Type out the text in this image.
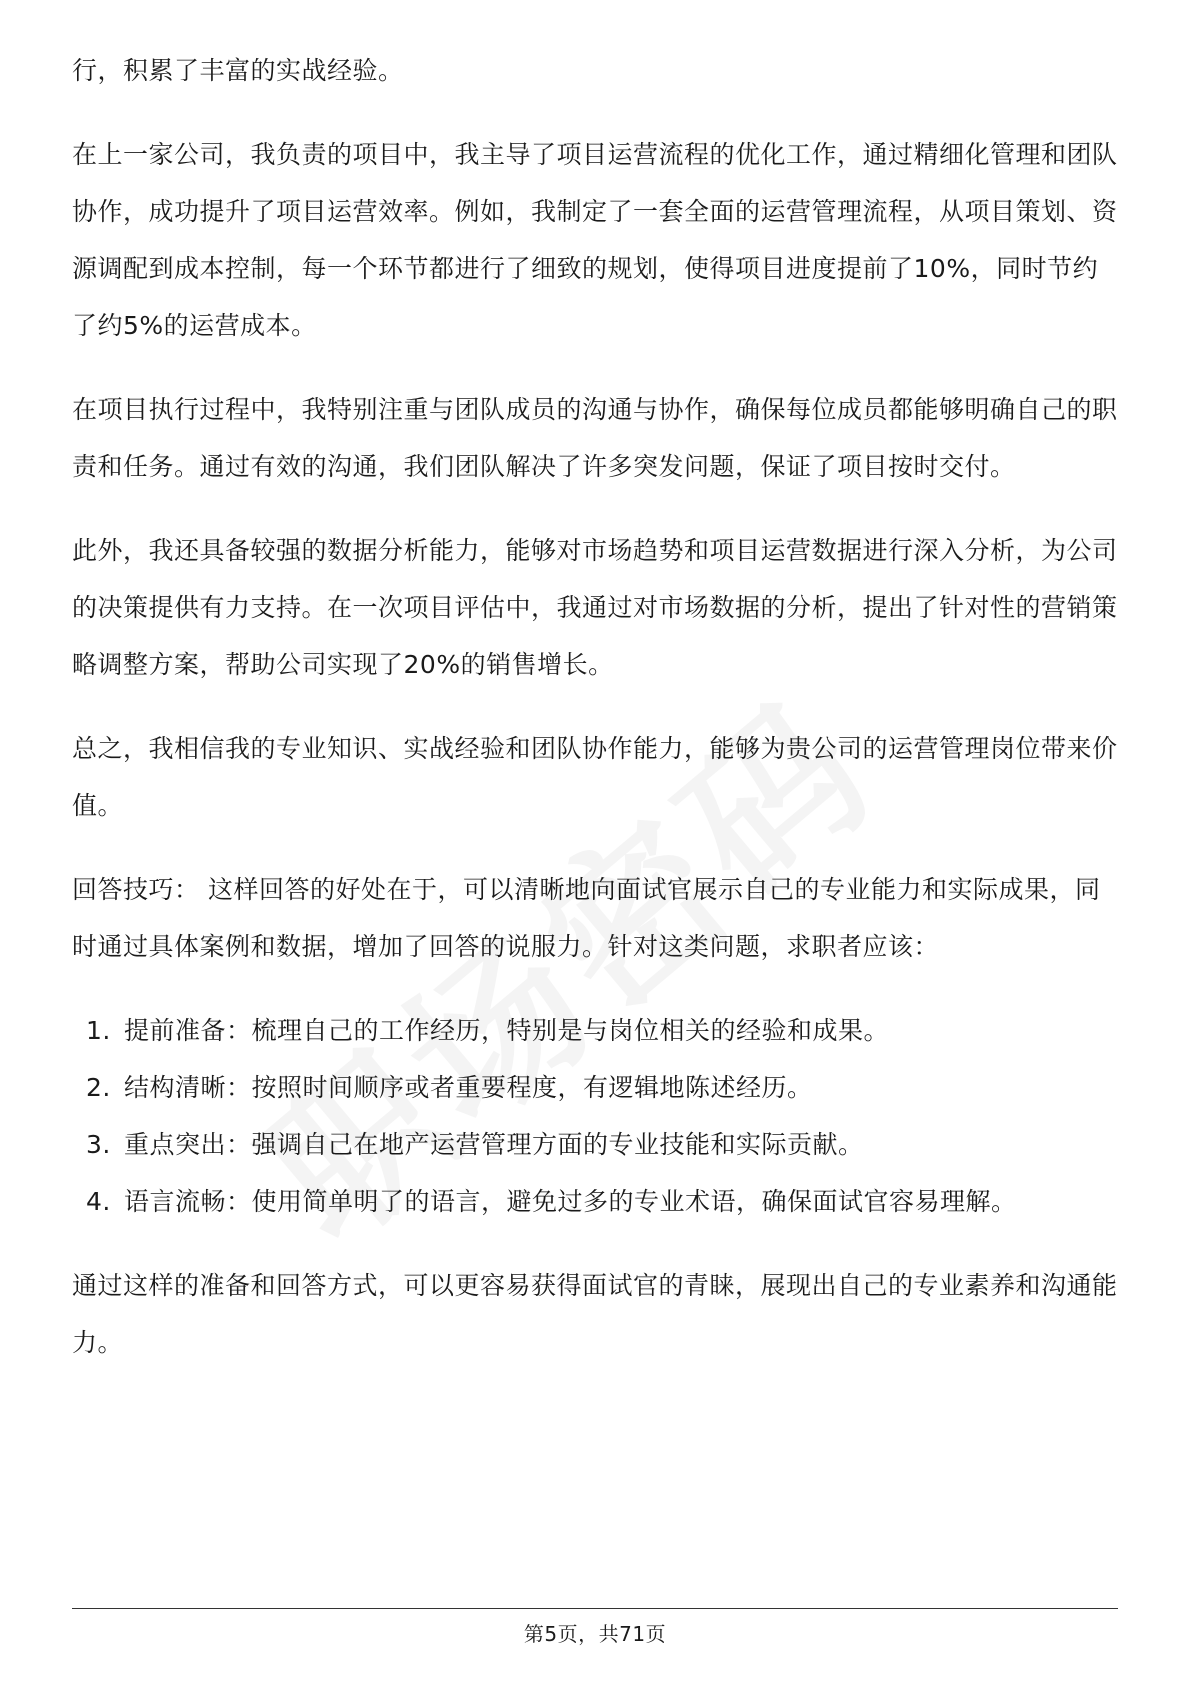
行，积累了丰富的实战经验。

在上一家公司，我负责的项目中，我主导了项目运营流程的优化工作，通过精细化管理和团队协作，成功提升了项目运营效率。例如，我制定了一套全面的运营管理流程，从项目策划、资源调配到成本控制，每一个环节都进行了细致的规划，使得项目进度提前了10%，同时节约了约5%的运营成本。

在项目执行过程中，我特别注重与团队成员的沟通与协作，确保每位成员都能够明确自己的职责和任务。通过有效的沟通，我们团队解决了许多突发问题，保证了项目按时交付。

此外，我还具备较强的数据分析能力，能够对市场趋势和项目运营数据进行深入分析，为公司的决策提供有力支持。在一次项目评估中，我通过对市场数据的分析，提出了针对性的营销策略调整方案，帮助公司实现了20%的销售增长。

总之，我相信我的专业知识、实战经验和团队协作能力，能够为贵公司的运营管理岗位带来价值。

回答技巧： 这样回答的好处在于，可以清晰地向面试官展示自己的专业能力和实际成果，同时通过具体案例和数据，增加了回答的说服力。针对这类问题，求职者应该：

1. 提前准备：梳理自己的工作经历，特别是与岗位相关的经验和成果。
2. 结构清晰：按照时间顺序或者重要程度，有逻辑地陈述经历。
3. 重点突出：强调自己在地产运营管理方面的专业技能和实际贡献。
4. 语言流畅：使用简单明了的语言，避免过多的专业术语，确保面试官容易理解。

通过这样的准备和回答方式，可以更容易获得面试官的青睐，展现出自己的专业素养和沟通能力。

第5页，共71页
